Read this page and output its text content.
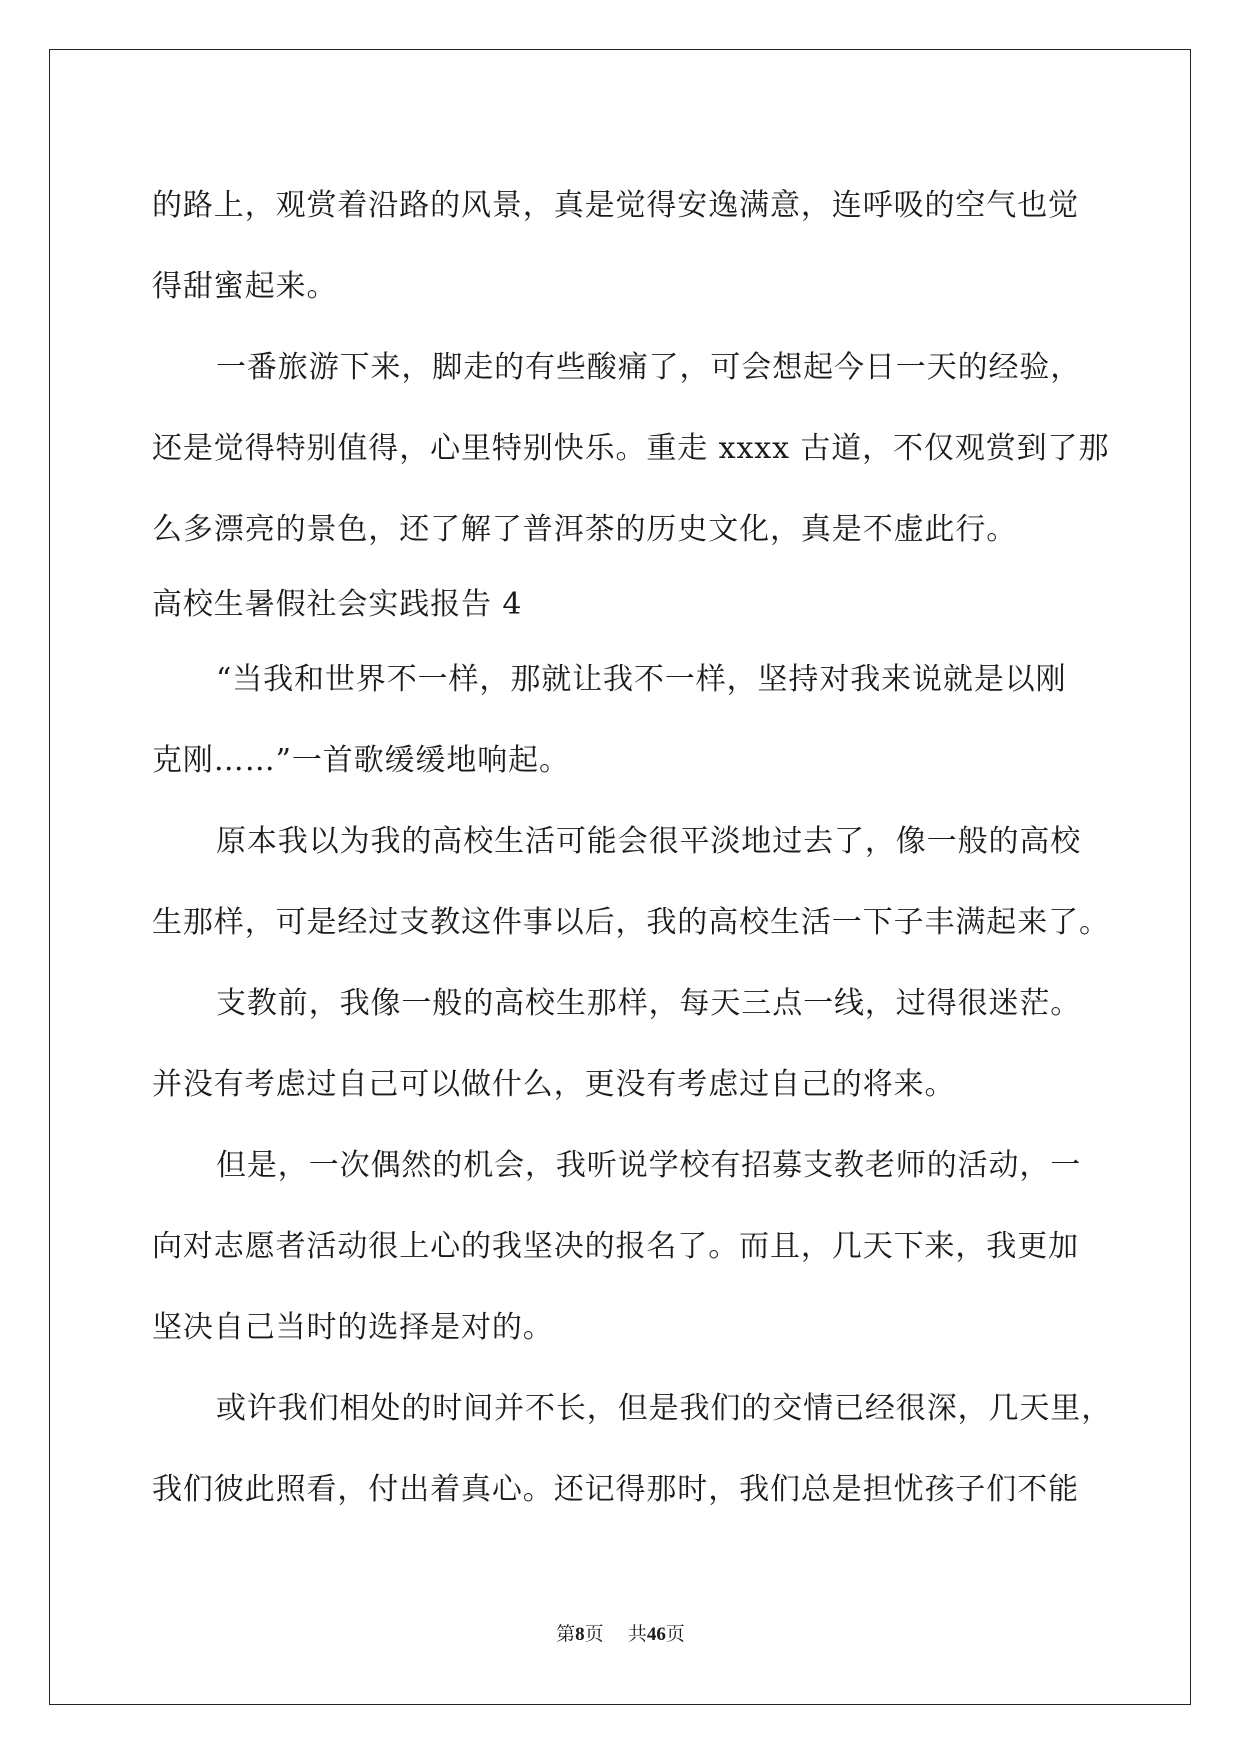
的路上，观赏着沿路的风景，真是觉得安逸满意，连呼吸的空气也觉
得甜蜜起来。
一番旅游下来，脚走的有些酸痛了，可会想起今日一天的经验，
还是觉得特别值得，心里特别快乐。重走 xxxx 古道，不仅观赏到了那
么多漂亮的景色，还了解了普洱茶的历史文化，真是不虚此行。
高校生暑假社会实践报告 4
“当我和世界不一样，那就让我不一样，坚持对我来说就是以刚
克刚……”一首歌缓缓地响起。
原本我以为我的高校生活可能会很平淡地过去了，像一般的高校
生那样，可是经过支教这件事以后，我的高校生活一下子丰满起来了。
支教前，我像一般的高校生那样，每天三点一线，过得很迷茫。
并没有考虑过自己可以做什么，更没有考虑过自己的将来。
但是，一次偶然的机会，我听说学校有招募支教老师的活动，一
向对志愿者活动很上心的我坚决的报名了。而且，几天下来，我更加
坚决自己当时的选择是对的。
或许我们相处的时间并不长，但是我们的交情已经很深，几天里，
我们彼此照看，付出着真心。还记得那时，我们总是担忧孩子们不能
第8页 共46页
